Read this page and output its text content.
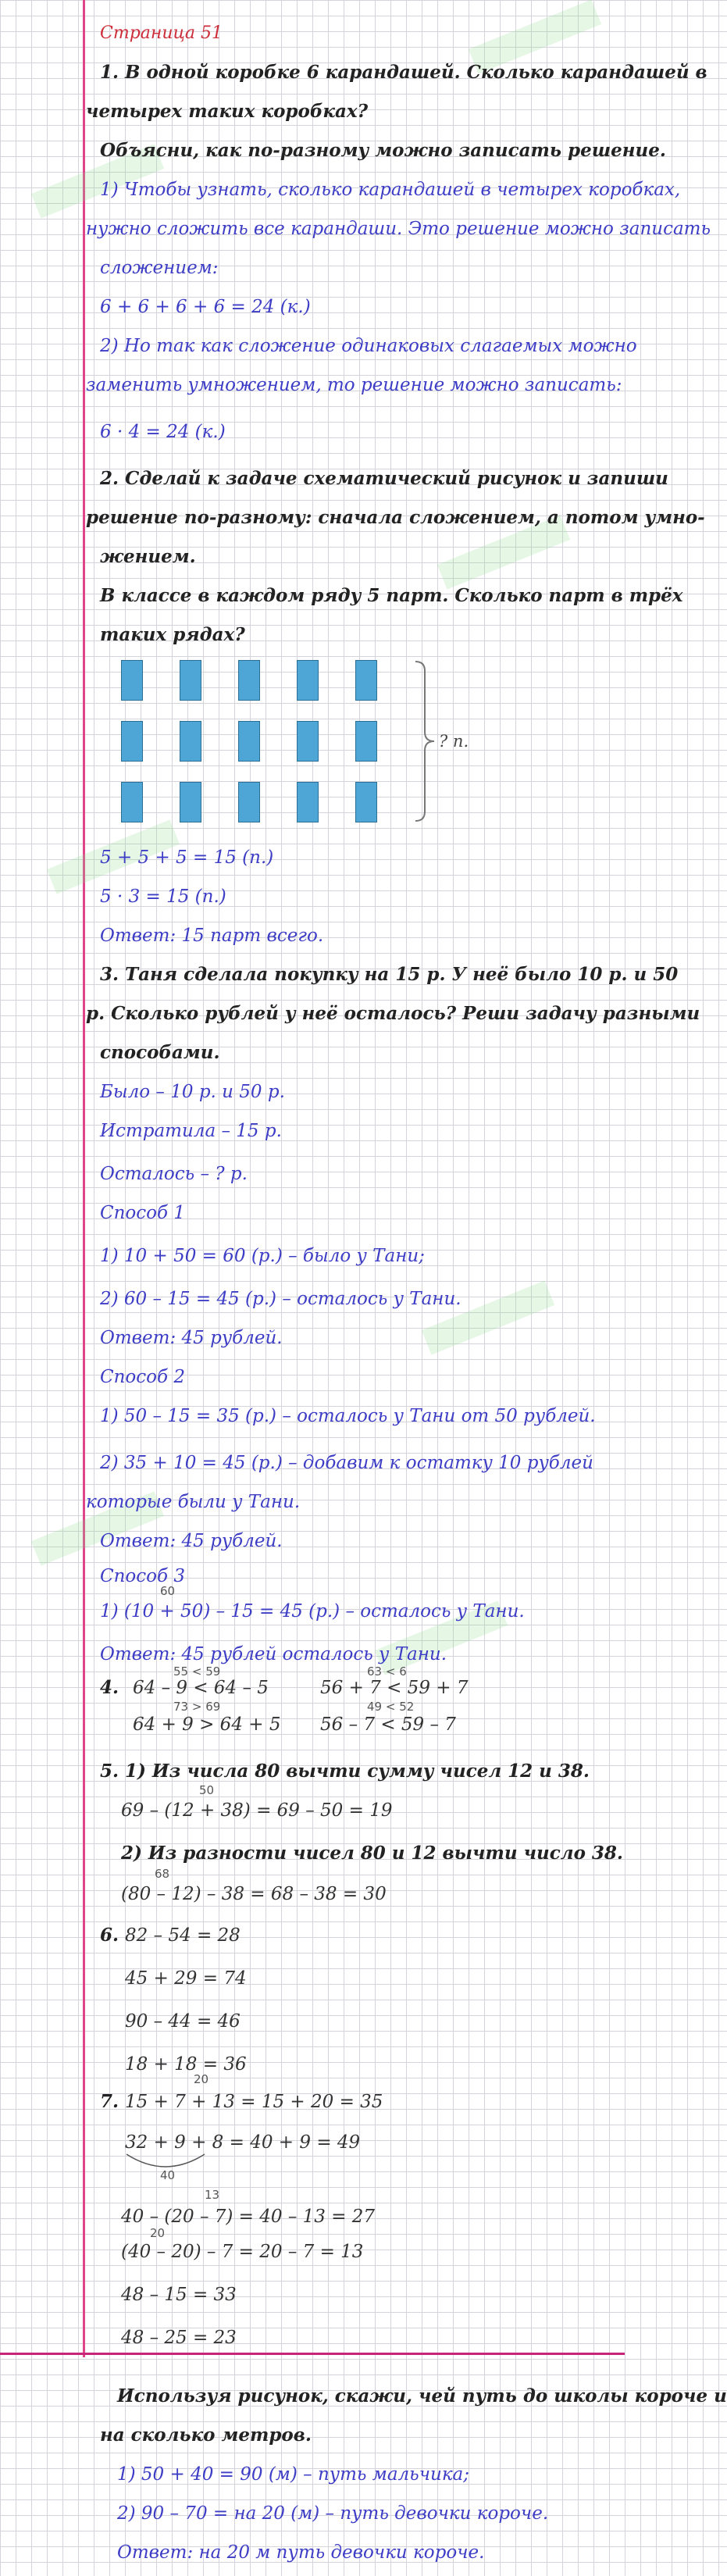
Страница 51
1. В одной коробке 6 карандашей. Сколько карандашей в
четырех таких коробках?
Объясни, как по-разному можно записать решение.
1) Чтобы узнать, сколько карандашей в четырех коробках,
нужно сложить все карандаши. Это решение можно записать
сложением:
6 + 6 + 6 + 6 = 24 (к.)
2) Но так как сложение одинаковых слагаемых можно
заменить умножением, то решение можно записать:
6 · 4 = 24 (к.)
2. Сделай к задаче схематический рисунок и запиши
решение по-разному: сначала сложением, а потом умно-
жением.
В классе в каждом ряду 5 парт. Сколько парт в трёх
таких рядах?
? п.
5 + 5 + 5 = 15 (п.)
5 · 3 = 15 (п.)
Ответ: 15 парт всего.
3. Таня сделала покупку на 15 р. У неё было 10 р. и 50
р. Сколько рублей у неё осталось? Реши задачу разными
способами.
Было – 10 р. и 50 р.
Истратила – 15 р.
Осталось – ? р.
Способ 1
1) 10 + 50 = 60 (р.) – было у Тани;
2) 60 – 15 = 45 (р.) – осталось у Тани.
Ответ: 45 рублей.
Способ 2
1) 50 – 15 = 35 (р.) – осталось у Тани от 50 рублей.
2) 35 + 10 = 45 (р.) – добавим к остатку 10 рублей
которые были у Тани.
Ответ: 45 рублей.
Способ 3
60
1) (10 + 50) – 15 = 45 (р.) – осталось у Тани.
Ответ: 45 рублей осталось у Тани.
4.
55 < 59
64 – 9 < 64 – 5
63 < 6
56 + 7 < 59 + 7
73 > 69	49 < 52
64 + 9 > 64 + 5 56 – 7 < 59 – 7
5. 1) Из числа 80 вычти сумму чисел 12 и 38.
50
69 – (12 + 38) = 69 – 50 = 19
2) Из разности чисел 80 и 12 вычти число 38.
68
(80 – 12) – 38 = 68 – 38 = 30
6. 82 – 54 = 28
45 + 29 = 74
90 – 44 = 46
18 + 18 = 36
7.
20
15 + 7 + 13 = 15 + 20 = 35
32 + 9 + 8 = 40 + 9 = 49
40
13
40 – (20 – 7) = 40 – 13 = 27
20
(40 – 20) – 7 = 20 – 7 = 13
48 – 15 = 33
48 – 25 = 23
Используя рисунок, скажи, чей путь до школы короче и
на сколько метров.
1) 50 + 40 = 90 (м) – путь мальчика;
2) 90 – 70 = на 20 (м) – путь девочки короче.
Ответ: на 20 м путь девочки короче.
